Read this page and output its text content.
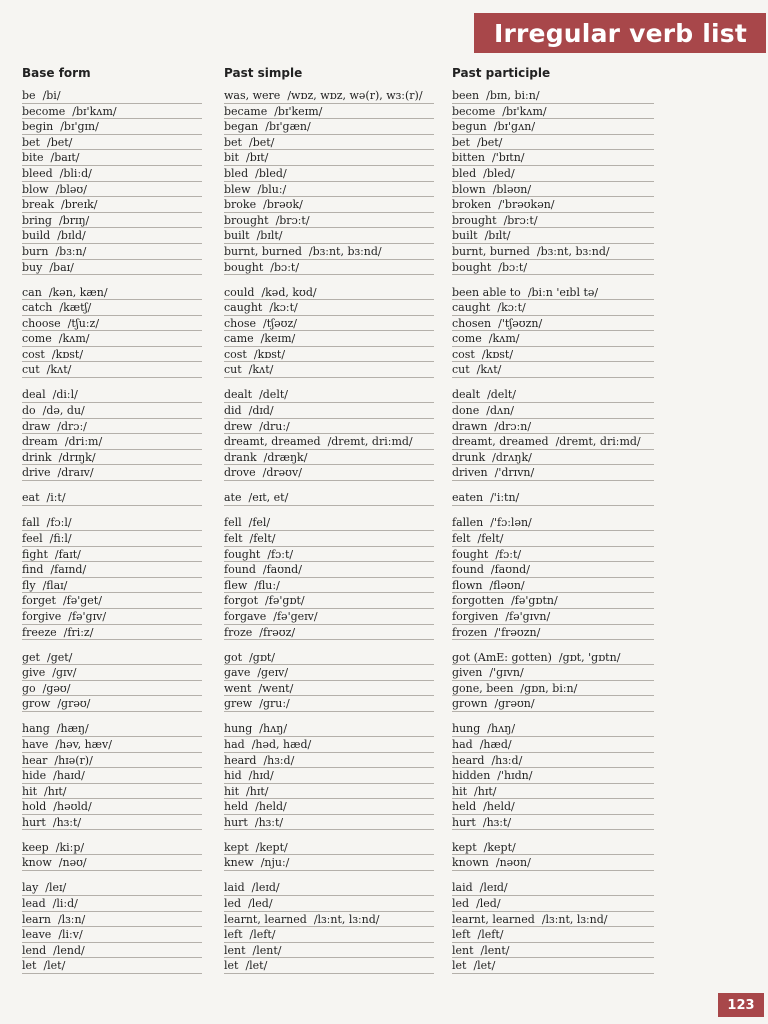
Irregular verb list
Base form	Past simple	Past participle
be /bi/	was, were /wɒz, wɒz, wə(r), wɜː(r)/	been /bɪn, biːn/
become /bɪ'kʌm/	became /bɪ'keɪm/	become /bɪ'kʌm/
begin /bɪ'gɪn/	began /bɪ'gæn/	begun /bɪ'gʌn/
bet /bet/	bet /bet/	bet /bet/
bite /baɪt/	bit /bɪt/	bitten /'bɪtn/
bleed /bliːd/	bled /bled/	bled /bled/
blow /bləʊ/	blew /bluː/	blown /bləʊn/
break /breɪk/	broke /brəʊk/	broken /'brəʊkən/
bring /brɪŋ/	brought /brɔːt/	brought /brɔːt/
build /bɪld/	built /bɪlt/	built /bɪlt/
burn /bɜːn/	burnt, burned /bɜːnt, bɜːnd/	burnt, burned /bɜːnt, bɜːnd/
buy /baɪ/	bought /bɔːt/	bought /bɔːt/
can /kən, kæn/	could /kəd, kʊd/	been able to /biːn 'eɪbl tə/
catch /kætʃ/	caught /kɔːt/	caught /kɔːt/
choose /tʃuːz/	chose /tʃəʊz/	chosen /'tʃəʊzn/
come /kʌm/	came /keɪm/	come /kʌm/
cost /kɒst/	cost /kɒst/	cost /kɒst/
cut /kʌt/	cut /kʌt/	cut /kʌt/
deal /diːl/	dealt /delt/	dealt /delt/
do /də, du/	did /dɪd/	done /dʌn/
draw /drɔː/	drew /druː/	drawn /drɔːn/
dream /driːm/	dreamt, dreamed /dremt, driːmd/	dreamt, dreamed /dremt, driːmd/
drink /drɪŋk/	drank /dræŋk/	drunk /drʌŋk/
drive /draɪv/	drove /drəʊv/	driven /'drɪvn/
eat /iːt/	ate /eɪt, et/	eaten /'iːtn/
fall /fɔːl/	fell /fel/	fallen /'fɔːlən/
feel /fiːl/	felt /felt/	felt /felt/
fight /faɪt/	fought /fɔːt/	fought /fɔːt/
find /faɪnd/	found /faʊnd/	found /faʊnd/
fly /flaɪ/	flew /fluː/	flown /fləʊn/
forget /fə'get/	forgot /fə'gɒt/	forgotten /fə'gɒtn/
forgive /fə'gɪv/	forgave /fə'geɪv/	forgiven /fə'gɪvn/
freeze /friːz/	froze /frəʊz/	frozen /'frəʊzn/
get /get/	got /gɒt/	got (AmE: gotten) /gɒt, 'gɒtn/
give /gɪv/	gave /geɪv/	given /'gɪvn/
go /gəʊ/	went /went/	gone, been /gɒn, biːn/
grow /grəʊ/	grew /gruː/	grown /grəʊn/
hang /hæŋ/	hung /hʌŋ/	hung /hʌŋ/
have /həv, hæv/	had /həd, hæd/	had /hæd/
hear /hɪə(r)/	heard /hɜːd/	heard /hɜːd/
hide /haɪd/	hid /hɪd/	hidden /'hɪdn/
hit /hɪt/	hit /hɪt/	hit /hɪt/
hold /həʊld/	held /held/	held /held/
hurt /hɜːt/	hurt /hɜːt/	hurt /hɜːt/
keep /kiːp/	kept /kept/	kept /kept/
know /nəʊ/	knew /njuː/	known /nəʊn/
lay /leɪ/	laid /leɪd/	laid /leɪd/
lead /liːd/	led /led/	led /led/
learn /lɜːn/	learnt, learned /lɜːnt, lɜːnd/	learnt, learned /lɜːnt, lɜːnd/
leave /liːv/	left /left/	left /left/
lend /lend/	lent /lent/	lent /lent/
let /let/	let /let/	let /let/
123
